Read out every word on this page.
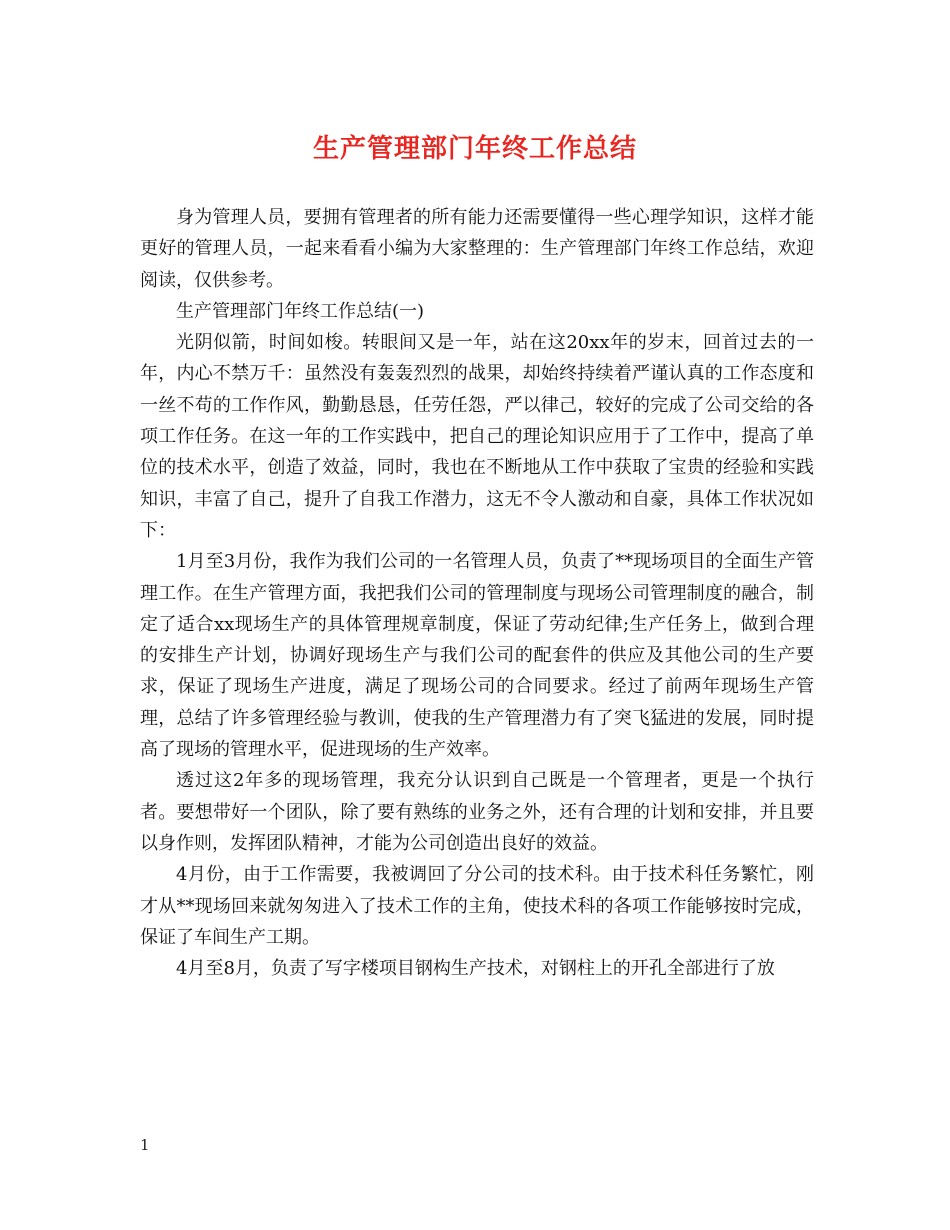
生产管理部门年终工作总结

身为管理人员，要拥有管理者的所有能力还需要懂得一些心理学知识，这样才能更好的管理人员，一起来看看小编为大家整理的：生产管理部门年终工作总结，欢迎阅读，仅供参考。

生产管理部门年终工作总结(一)

光阴似箭，时间如梭。转眼间又是一年，站在这20xx年的岁末，回首过去的一年，内心不禁万千：虽然没有轰轰烈烈的战果，却始终持续着严谨认真的工作态度和一丝不苟的工作作风，勤勤恳恳，任劳任怨，严以律己，较好的完成了公司交给的各项工作任务。在这一年的工作实践中，把自己的理论知识应用于了工作中，提高了单位的技术水平，创造了效益，同时，我也在不断地从工作中获取了宝贵的经验和实践知识，丰富了自己，提升了自我工作潜力，这无不令人激动和自豪，具体工作状况如下：

1月至3月份，我作为我们公司的一名管理人员，负责了**现场项目的全面生产管理工作。在生产管理方面，我把我们公司的管理制度与现场公司管理制度的融合，制定了适合xx现场生产的具体管理规章制度，保证了劳动纪律;生产任务上，做到合理的安排生产计划，协调好现场生产与我们公司的配套件的供应及其他公司的生产要求，保证了现场生产进度，满足了现场公司的合同要求。经过了前两年现场生产管理，总结了许多管理经验与教训，使我的生产管理潜力有了突飞猛进的发展，同时提高了现场的管理水平，促进现场的生产效率。

透过这2年多的现场管理，我充分认识到自己既是一个管理者，更是一个执行者。要想带好一个团队，除了要有熟练的业务之外，还有合理的计划和安排，并且要以身作则，发挥团队精神，才能为公司创造出良好的效益。

4月份，由于工作需要，我被调回了分公司的技术科。由于技术科任务繁忙，刚才从**现场回来就匆匆进入了技术工作的主角，使技术科的各项工作能够按时完成，保证了车间生产工期。

4月至8月，负责了写字楼项目钢构生产技术，对钢柱上的开孔全部进行了放

1
